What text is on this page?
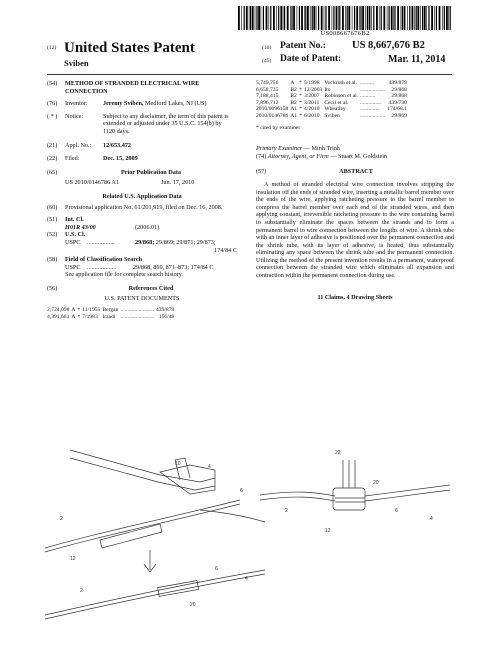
US008667676B2
(12) United States Patent
Sviben
(10) Patent No.: US 8,667,676 B2
(45) Date of Patent:	Mar. 11, 2014
(54)	METHOD OF STRANDED ELECTRICAL WIRE CONNECTION
(76)	Inventor:	Jeremy Sviben, Medford Lakes, NJ (US)
( * )	Notice:	Subject to any disclaimer, the term of this patent is extended or adjusted under 35 U.S.C. 154(b) by 1120 days.
(21)	Appl. No.:	12/653,472
(22)	Filed:	Dec. 15, 2009
(65)	Prior Publication Data
US 2010/0146786 A1	Jun. 17, 2010
Related U.S. Application Data
(60)	Provisional application No. 61/201,919, filed on Dec. 16, 2008.
(51)	Int. Cl.
H01R 43/00	(2006.01)
(52)	U.S. Cl.
USPC	..................	29/868; 29/869; 29/871; 29/873;
174/84 C
(58)	Field of Classification Search
USPC	...................	29/868, 869, 871–873; 174/84 C
See application file for complete search history.
(56)	References Cited
U.S. PATENT DOCUMENTS
2,724,098	A	*	11/1955	Bergan	........................	439/879
4,391,661	A	*	7/1983	Irzadi	........................	156/49
5,749,756	A	*	5/1998	Vockroth et al.	..........	439/879
6,658,735	B2	*	12/2003	Ito	..................	29/868
7,188,415	B2	*	3/2007	Robinson et al.	...........	29/868
7,896,712	B2	*	3/2011	Cecil et al.	...............	439/730
2010/0096158	A1	*	4/2010	Wheatley	..............	174/68.1
2010/0146786	A1	*	6/2010	Sviben	..................	29/869
* cited by examiner
Primary Examiner — Minh Trinh
(74) Attorney, Agent, or Firm — Stuart M. Goldstein
(57)	ABSTRACT
A method of stranded electrical wire connection involves stripping the insulation off the ends of stranded wire, inserting a metallic barrel member over the ends of the wire, applying ratcheting pressure to the barrel member to compress the barrel member over each end of the stranded wires, and then applying constant, irreversible ratcheting pressure to the wire containing barrel to substantially eliminate the spaces between the strands and to form a permanent barrel to wire connection between the lengths of wire. A shrink tube with an inner layer of adhesive is positioned over the permanent connection and the shrink tube, with its layer of adhesive, is heated, thus substantially eliminating any space between the shrink tube and the permanent connection. Utilizing the method of the present invention results in a permanent, waterproof connection between the stranded wire which eliminates all expansion and contraction within the permanent connection during use.
11 Claims, 4 Drawing Sheets
10	4
6
2
12
2
20
6
4
22
20
6
4
12
2
